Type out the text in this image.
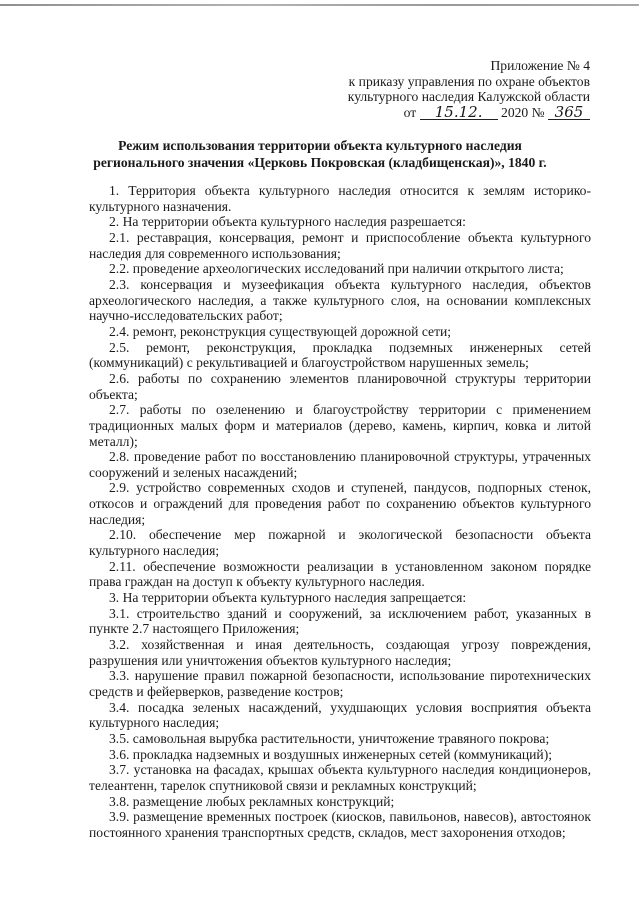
Приложение № 4
к приказу управления по охране объектов
культурного наследия Калужской области
от 15.12. 2020 № 365
Режим использования территории объекта культурного наследия
регионального значения «Церковь Покровская (кладбищенская)», 1840 г.

1. Территория объекта культурного наследия относится к землям историко-культурного назначения.

2. На территории объекта культурного наследия разрешается:

2.1. реставрация, консервация, ремонт и приспособление объекта культурного наследия для современного использования;

2.2. проведение археологических исследований при наличии открытого листа;

2.3. консервация и музеефикация объекта культурного наследия, объектов археологического наследия, а также культурного слоя, на основании комплексных научно-исследовательских работ;

2.4. ремонт, реконструкция существующей дорожной сети;

2.5. ремонт, реконструкция, прокладка подземных инженерных сетей (коммуникаций) с рекультивацией и благоустройством нарушенных земель;

2.6. работы по сохранению элементов планировочной структуры территории объекта;

2.7. работы по озеленению и благоустройству территории с применением традиционных малых форм и материалов (дерево, камень, кирпич, ковка и литой металл);

2.8. проведение работ по восстановлению планировочной структуры, утраченных сооружений и зеленых насаждений;

2.9. устройство современных сходов и ступеней, пандусов, подпорных стенок, откосов и ограждений для проведения работ по сохранению объектов культурного наследия;

2.10. обеспечение мер пожарной и экологической безопасности объекта культурного наследия;

2.11. обеспечение возможности реализации в установленном законом порядке права граждан на доступ к объекту культурного наследия.

3. На территории объекта культурного наследия запрещается:

3.1. строительство зданий и сооружений, за исключением работ, указанных в пункте 2.7 настоящего Приложения;

3.2. хозяйственная и иная деятельность, создающая угрозу повреждения, разрушения или уничтожения объектов культурного наследия;

3.3. нарушение правил пожарной безопасности, использование пиротехнических средств и фейерверков, разведение костров;

3.4. посадка зеленых насаждений, ухудшающих условия восприятия объекта культурного наследия;

3.5. самовольная вырубка растительности, уничтожение травяного покрова;

3.6. прокладка надземных и воздушных инженерных сетей (коммуникаций);

3.7. установка на фасадах, крышах объекта культурного наследия кондиционеров, телеантенн, тарелок спутниковой связи и рекламных конструкций;

3.8. размещение любых рекламных конструкций;

3.9. размещение временных построек (киосков, павильонов, навесов), автостоянок постоянного хранения транспортных средств, складов, мест захоронения отходов;
